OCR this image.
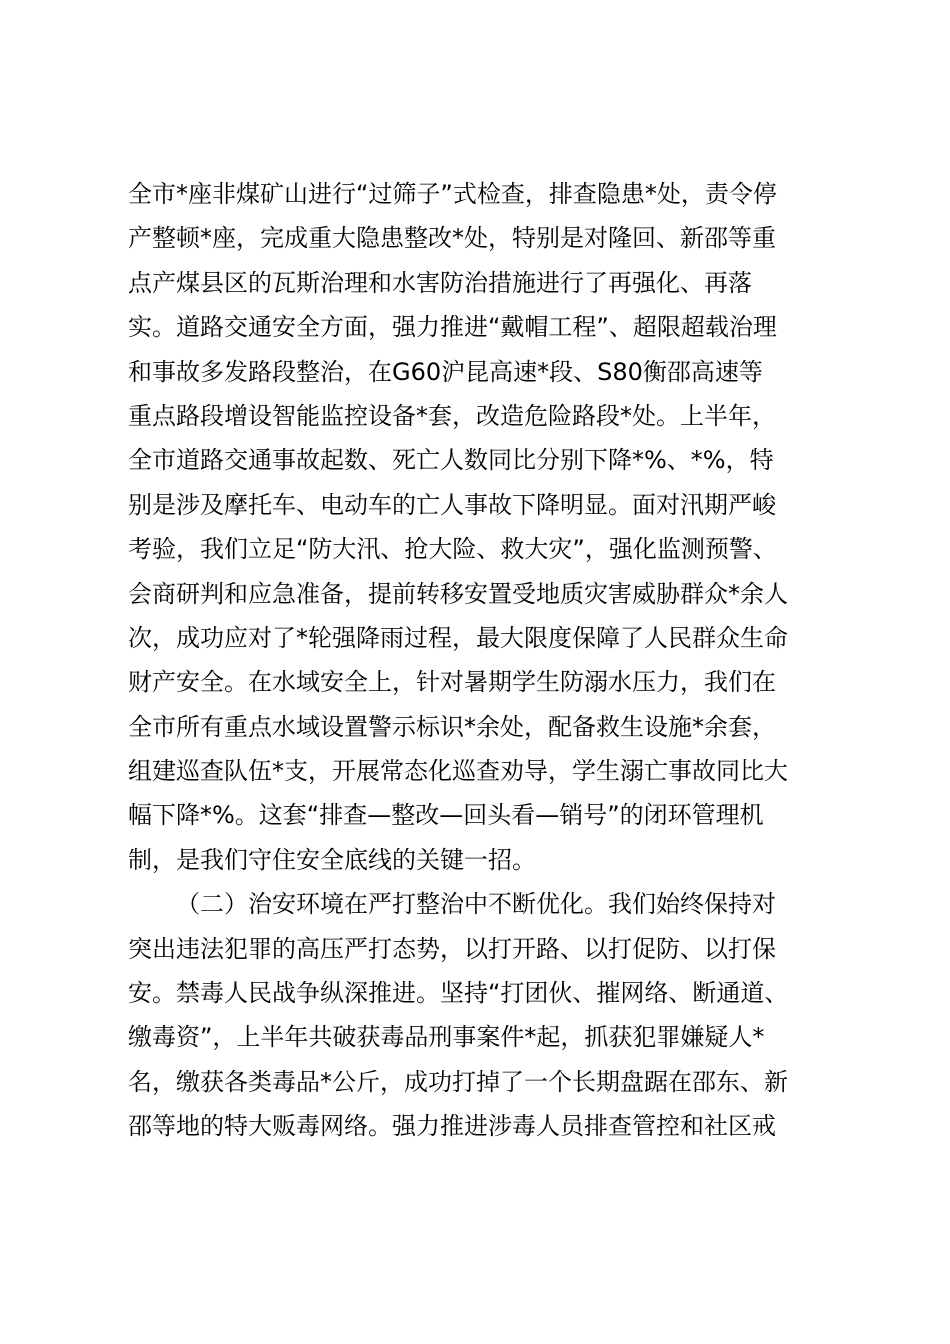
全市*座非煤矿山进行“过筛子”式检查，排查隐患*处，责令停
产整顿*座，完成重大隐患整改*处，特别是对隆回、新邵等重
点产煤县区的瓦斯治理和水害防治措施进行了再强化、再落
实。道路交通安全方面，强力推进“戴帽工程”、超限超载治理
和事故多发路段整治，在G60沪昆高速*段、S80衡邵高速等
重点路段增设智能监控设备*套，改造危险路段*处。上半年，
全市道路交通事故起数、死亡人数同比分别下降*%、*%，特
别是涉及摩托车、电动车的亡人事故下降明显。面对汛期严峻
考验，我们立足“防大汛、抢大险、救大灾”，强化监测预警、
会商研判和应急准备，提前转移安置受地质灾害威胁群众*余人
次，成功应对了*轮强降雨过程，最大限度保障了人民群众生命
财产安全。在水域安全上，针对暑期学生防溺水压力，我们在
全市所有重点水域设置警示标识*余处，配备救生设施*余套，
组建巡查队伍*支，开展常态化巡查劝导，学生溺亡事故同比大
幅下降*%。这套“排查—整改—回头看—销号”的闭环管理机
制，是我们守住安全底线的关键一招。
（二）治安环境在严打整治中不断优化。我们始终保持对
突出违法犯罪的高压严打态势，以打开路、以打促防、以打保
安。禁毒人民战争纵深推进。坚持“打团伙、摧网络、断通道、
缴毒资”，上半年共破获毒品刑事案件*起，抓获犯罪嫌疑人*
名，缴获各类毒品*公斤，成功打掉了一个长期盘踞在邵东、新
邵等地的特大贩毒网络。强力推进涉毒人员排查管控和社区戒
